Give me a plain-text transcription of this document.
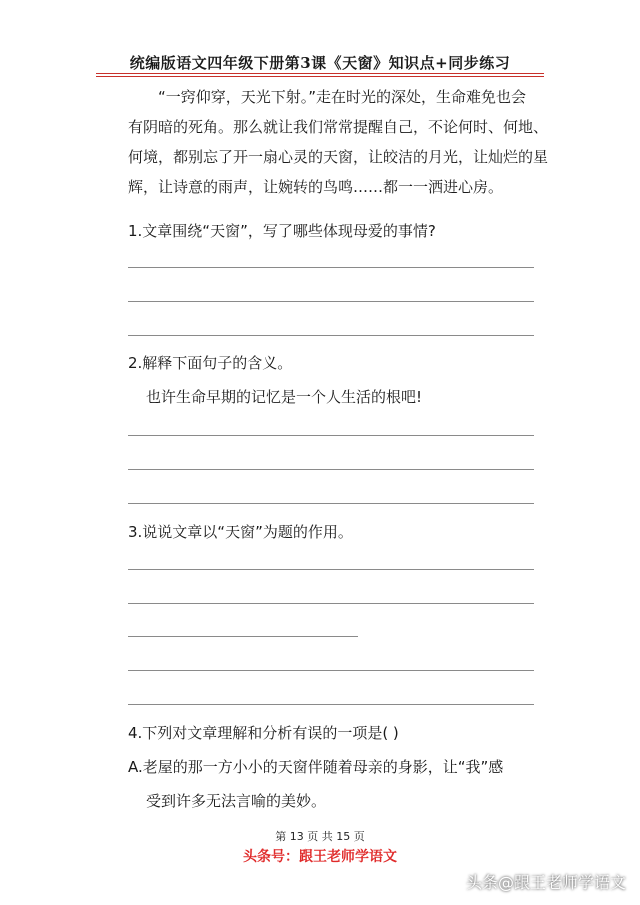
统编版语文四年级下册第3课《天窗》知识点+同步练习
“一窍仰穿，天光下射。”走在时光的深处，生命难免也会
有阴暗的死角。那么就让我们常常提醒自己，不论何时、何地、
何境，都别忘了开一扇心灵的天窗，让皎洁的月光，让灿烂的星
辉，让诗意的雨声，让婉转的鸟鸣……都一一洒进心房。
1.文章围绕“天窗”，写了哪些体现母爱的事情?
2.解释下面句子的含义。
也许生命早期的记忆是一个人生活的根吧!
3.说说文章以“天窗”为题的作用。
4.下列对文章理解和分析有误的一项是( )
A.老屋的那一方小小的天窗伴随着母亲的身影，让“我”感
受到许多无法言喻的美妙。
第 13 页 共 15 页
头条号：跟王老师学语文
头条@跟王老师学语文
